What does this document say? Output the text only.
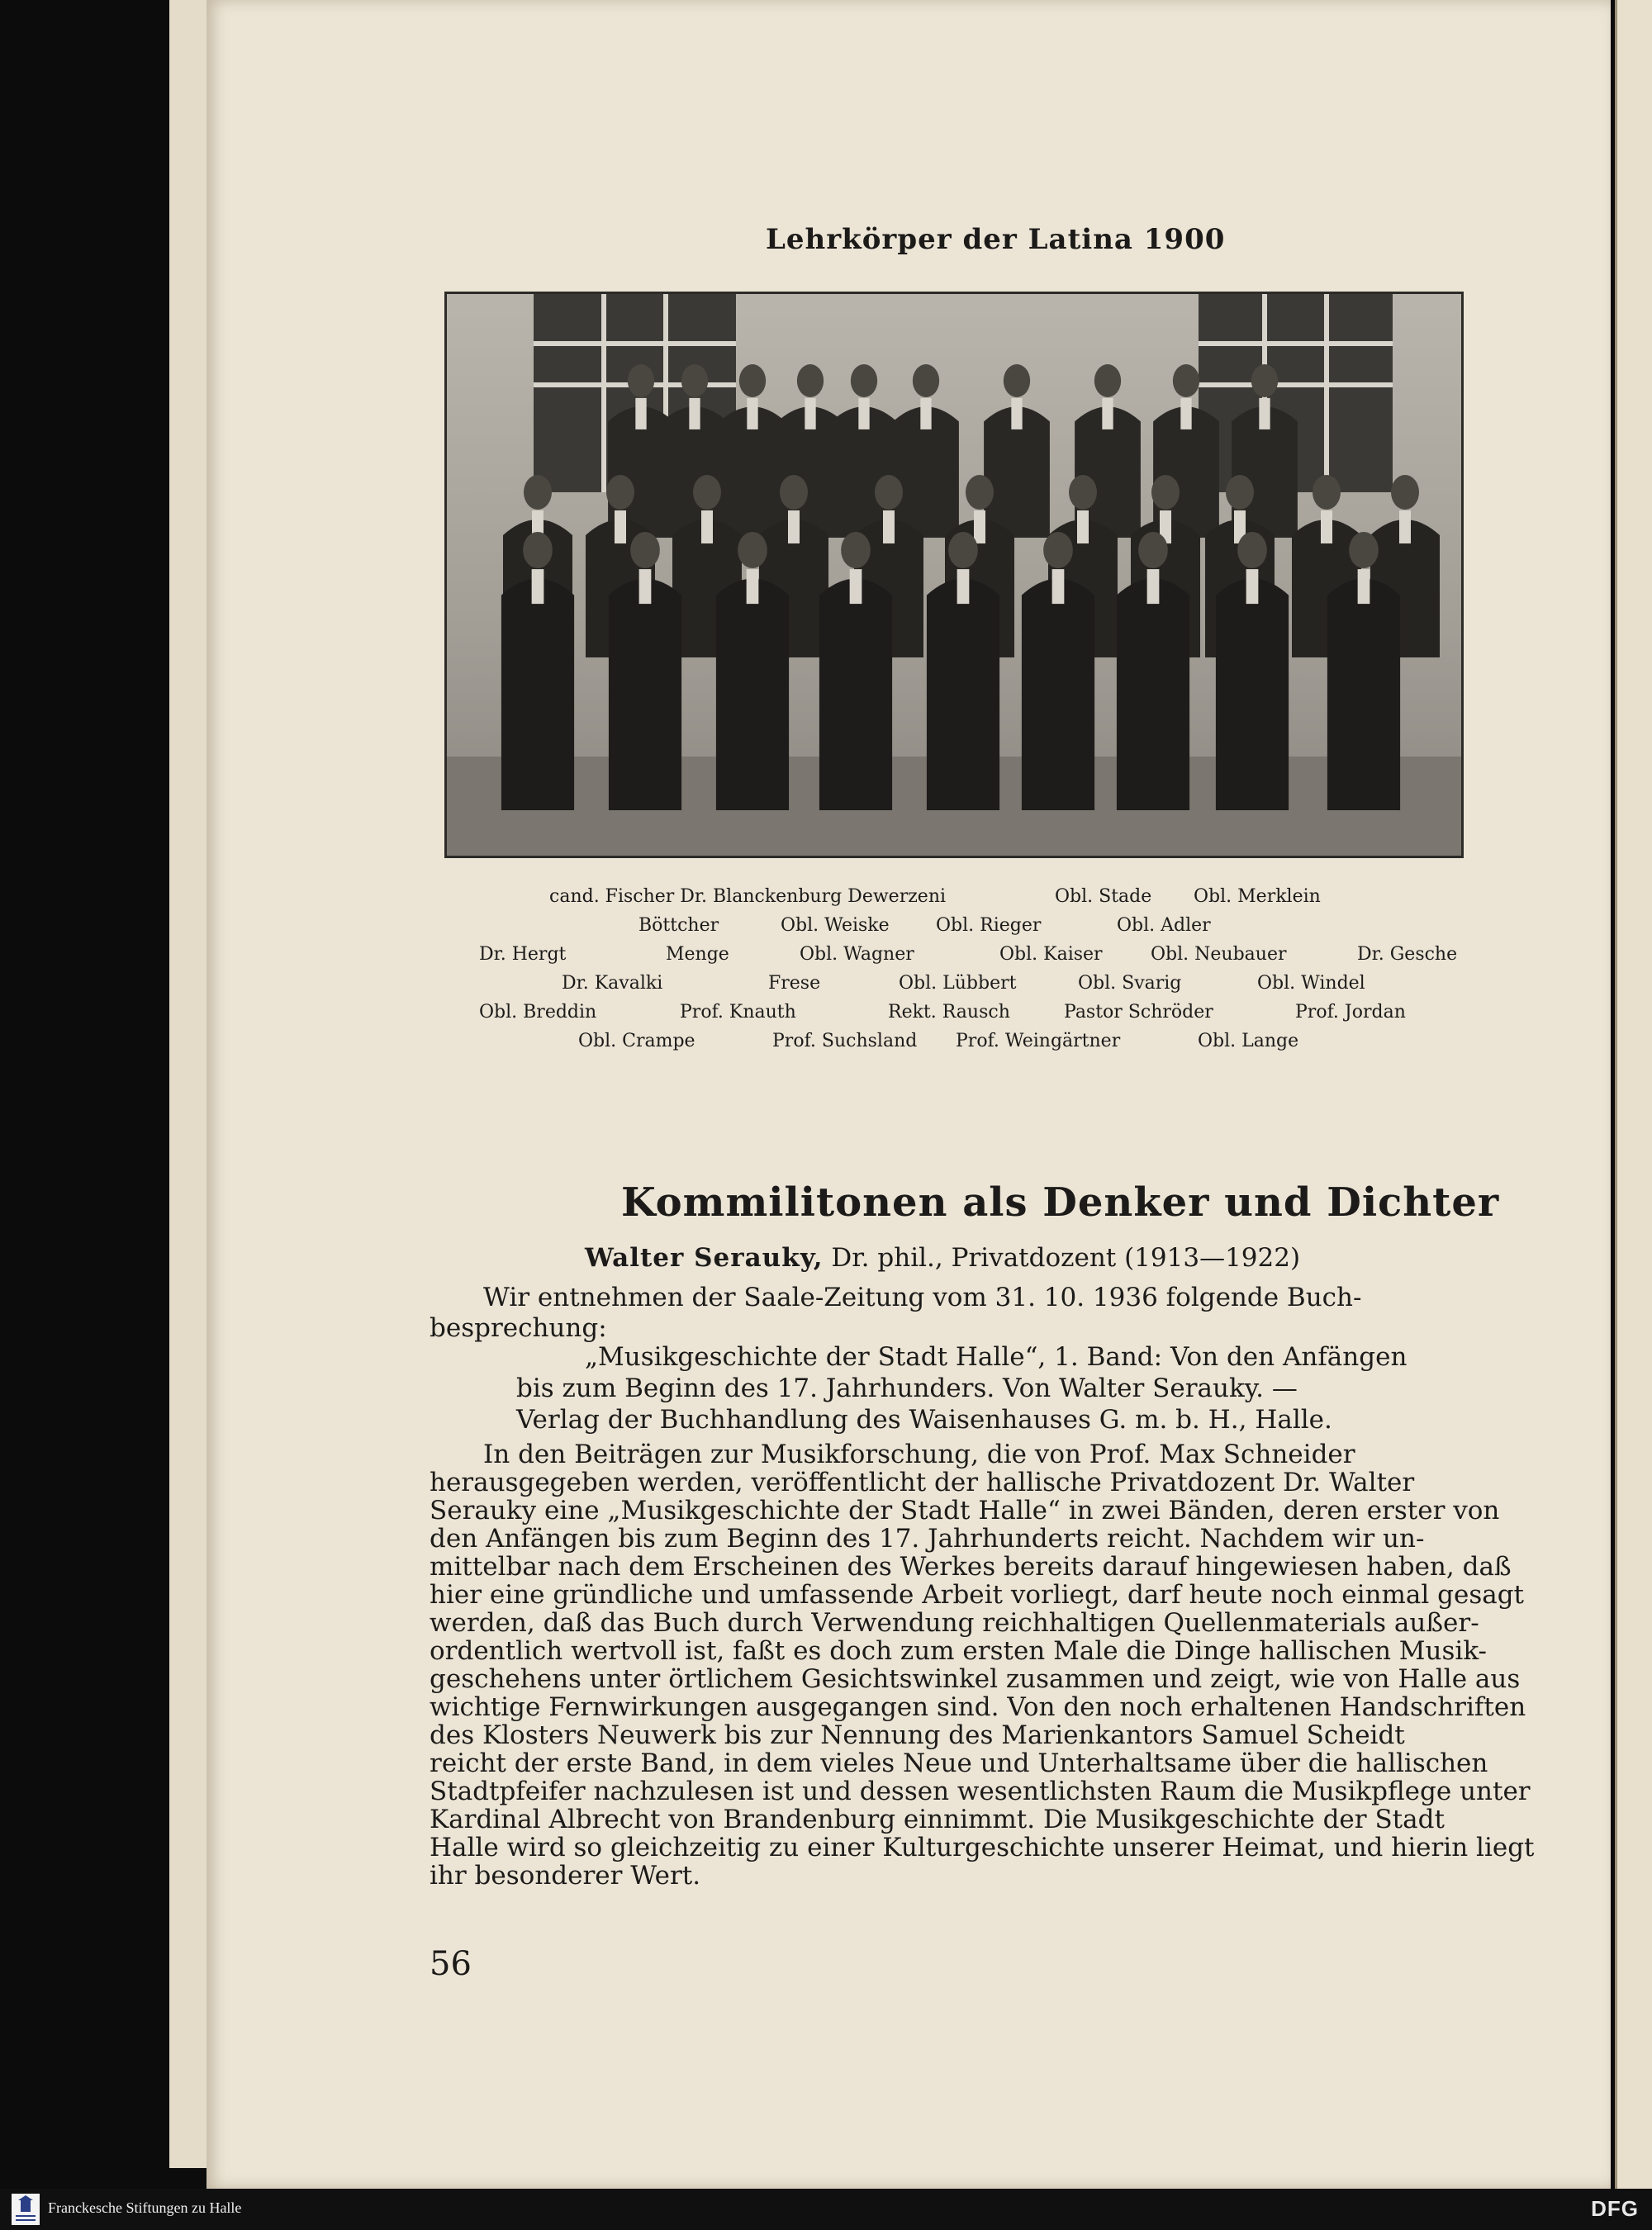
Lehrkörper der Latina 1900
cand. Fischer Dr. Blanckenburg Dewerzeni	Obl. Stade Obl. Merklein
Böttcher	Obl. Weiske	Obl. Rieger	Obl. Adler
Dr. Hergt	Menge	Obl. Wagner	Obl. Kaiser	Obl. Neubauer	Dr. Gesche
Dr. Kavalki	Frese	Obl. Lübbert	Obl. Svarig	Obl. Windel
Obl. Breddin	Prof. Knauth	Rekt. Rausch	Pastor Schröder	Prof. Jordan
Obl. Crampe	Prof. Suchsland Prof. Weingärtner	Obl. Lange
Kommilitonen als Denker und Dichter
Walter Serauky, Dr. phil., Privatdozent (1913—1922)
Wir entnehmen der Saale-Zeitung vom 31. 10. 1936 folgende Buch-
besprechung:
„Musikgeschichte der Stadt Halle“, 1. Band: Von den Anfängen
bis zum Beginn des 17. Jahrhunders. Von Walter Serauky. —
Verlag der Buchhandlung des Waisenhauses G. m. b. H., Halle.
In den Beiträgen zur Musikforschung, die von Prof. Max Schneider
herausgegeben werden, veröffentlicht der hallische Privatdozent Dr. Walter
Serauky eine „Musikgeschichte der Stadt Halle“ in zwei Bänden, deren erster von
den Anfängen bis zum Beginn des 17. Jahrhunderts reicht. Nachdem wir un-
mittelbar nach dem Erscheinen des Werkes bereits darauf hingewiesen haben, daß
hier eine gründliche und umfassende Arbeit vorliegt, darf heute noch einmal gesagt
werden, daß das Buch durch Verwendung reichhaltigen Quellenmaterials außer-
ordentlich wertvoll ist, faßt es doch zum ersten Male die Dinge hallischen Musik-
geschehens unter örtlichem Gesichtswinkel zusammen und zeigt, wie von Halle aus
wichtige Fernwirkungen ausgegangen sind. Von den noch erhaltenen Handschriften
des Klosters Neuwerk bis zur Nennung des Marienkantors Samuel Scheidt
reicht der erste Band, in dem vieles Neue und Unterhaltsame über die hallischen
Stadtpfeifer nachzulesen ist und dessen wesentlichsten Raum die Musikpflege unter
Kardinal Albrecht von Brandenburg einnimmt. Die Musikgeschichte der Stadt
Halle wird so gleichzeitig zu einer Kulturgeschichte unserer Heimat, und hierin liegt
ihr besonderer Wert.
56
Franckesche Stiftungen zu Halle	DFG
